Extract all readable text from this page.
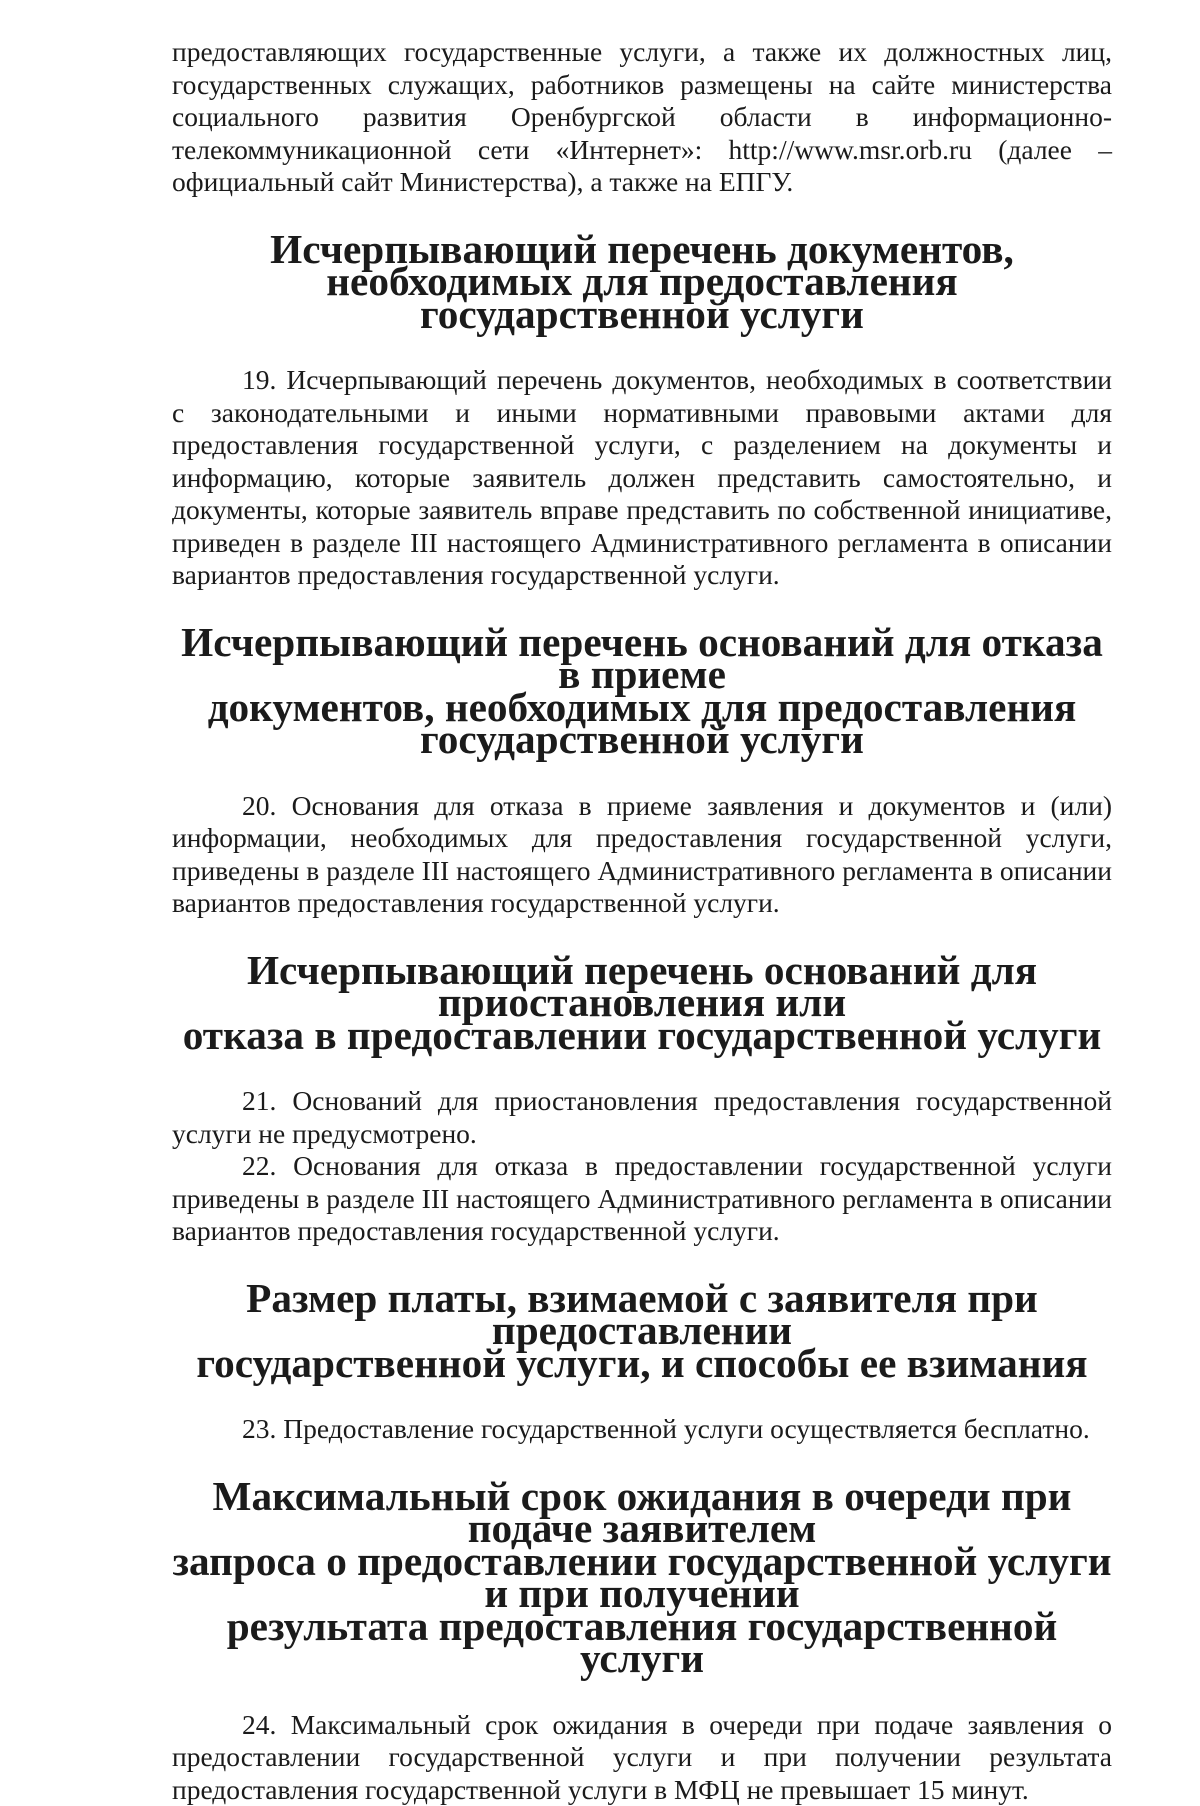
предоставляющих государственные услуги, а также их должностных лиц, государственных служащих, работников размещены на сайте министерства социального развития Оренбургской области в информационно-телекоммуникационной сети «Интернет»: http://www.msr.orb.ru (далее – официальный сайт Министерства), а также на ЕПГУ.

Исчерпывающий перечень документов,
необходимых для предоставления государственной услуги

19. Исчерпывающий перечень документов, необходимых в соответствии с законодательными и иными нормативными правовыми актами для предоставления государственной услуги, с разделением на документы и информацию, которые заявитель должен представить самостоятельно, и документы, которые заявитель вправе представить по собственной инициативе, приведен в разделе III настоящего Административного регламента в описании вариантов предоставления государственной услуги.

Исчерпывающий перечень оснований для отказа в приеме
документов, необходимых для предоставления
государственной услуги

20. Основания для отказа в приеме заявления и документов и (или) информации, необходимых для предоставления государственной услуги, приведены в разделе III настоящего Административного регламента в описании вариантов предоставления государственной услуги.

Исчерпывающий перечень оснований для приостановления или
отказа в предоставлении государственной услуги

21. Оснований для приостановления предоставления государственной услуги не предусмотрено.

22. Основания для отказа в предоставлении государственной услуги приведены в разделе III настоящего Административного регламента в описании вариантов предоставления государственной услуги.

Размер платы, взимаемой с заявителя при предоставлении
государственной услуги, и способы ее взимания

23. Предоставление государственной услуги осуществляется бесплатно.

Максимальный срок ожидания в очереди при подаче заявителем
запроса о предоставлении государственной услуги и при получении
результата предоставления государственной услуги

24. Максимальный срок ожидания в очереди при подаче заявления о предоставлении государственной услуги и при получении результата предоставления государственной услуги в МФЦ не превышает 15 минут.
